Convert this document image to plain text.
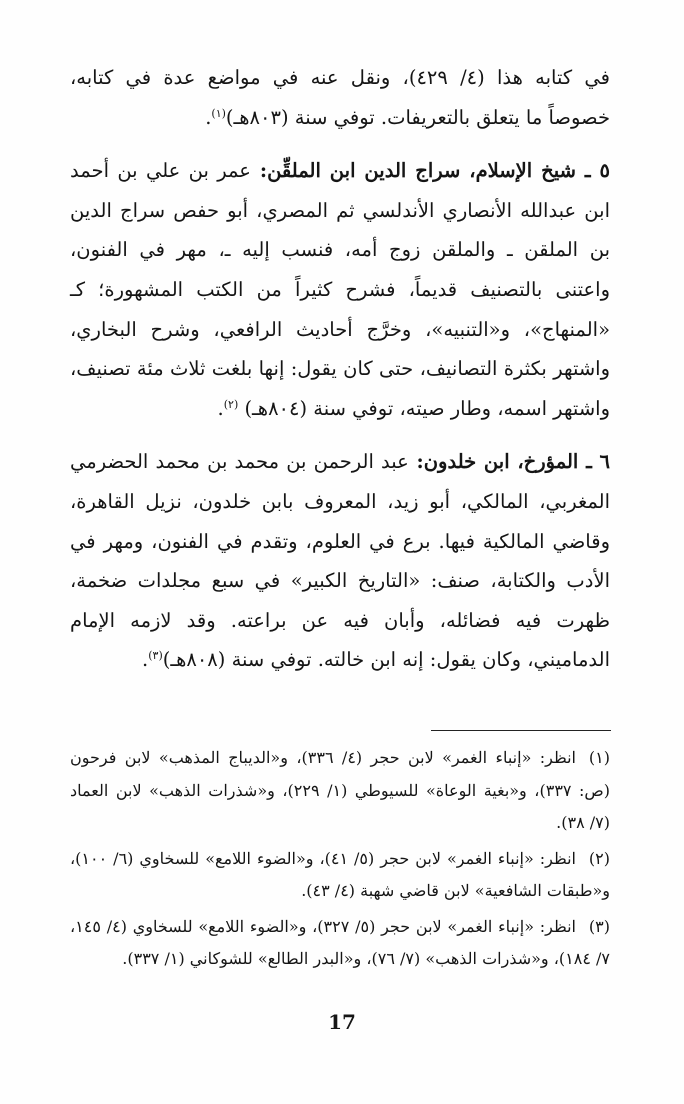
في كتابه هذا (٤/ ٤٢٩)، ونقل عنه في مواضع عدة في كتابه، خصوصاً ما يتعلق بالتعريفات. توفي سنة (٨٠٣هـ)$^{(١)}$.

٥ ـ شيخ الإسلام، سراج الدين ابن الملقِّن: عمر بن علي بن أحمد ابن عبدالله الأنصاري الأندلسي ثم المصري، أبو حفص سراج الدين بن الملقن ـ والملقن زوج أمه، فنسب إليه ـ، مهر في الفنون، واعتنى بالتصنيف قديماً، فشرح كثيراً من الكتب المشهورة؛ كـ «المنهاج»، و«التنبيه»، وخرَّج أحاديث الرافعي، وشرح البخاري، واشتهر بكثرة التصانيف، حتى كان يقول: إنها بلغت ثلاث مئة تصنيف، واشتهر اسمه، وطار صيته، توفي سنة (٨٠٤هـ) $^{(٢)}$.

٦ ـ المؤرخ، ابن خلدون: عبد الرحمن بن محمد بن محمد الحضرمي المغربي، المالكي، أبو زيد، المعروف بابن خلدون، نزيل القاهرة، وقاضي المالكية فيها. برع في العلوم، وتقدم في الفنون، ومهر في الأدب والكتابة، صنف: «التاريخ الكبير» في سبع مجلدات ضخمة، ظهرت فيه فضائله، وأبان فيه عن براعته. وقد لازمه الإمام الدماميني، وكان يقول: إنه ابن خالته. توفي سنة (٨٠٨هـ)$^{(٣)}$.

(١)انظر: «إنباء الغمر» لابن حجر (٤/ ٣٣٦)، و«الديباج المذهب» لابن فرحون (ص: ٣٣٧)، و«بغية الوعاة» للسيوطي (١/ ٢٢٩)، و«شذرات الذهب» لابن العماد (٧/ ٣٨).

(٢)انظر: «إنباء الغمر» لابن حجر (٥/ ٤١)، و«الضوء اللامع» للسخاوي (٦/ ١٠٠)، و«طبقات الشافعية» لابن قاضي شهبة (٤/ ٤٣).

(٣)انظر: «إنباء الغمر» لابن حجر (٥/ ٣٢٧)، و«الضوء اللامع» للسخاوي (٤/ ١٤٥، ٧/ ١٨٤)، و«شذرات الذهب» (٧/ ٧٦)، و«البدر الطالع» للشوكاني (١/ ٣٣٧).

17
